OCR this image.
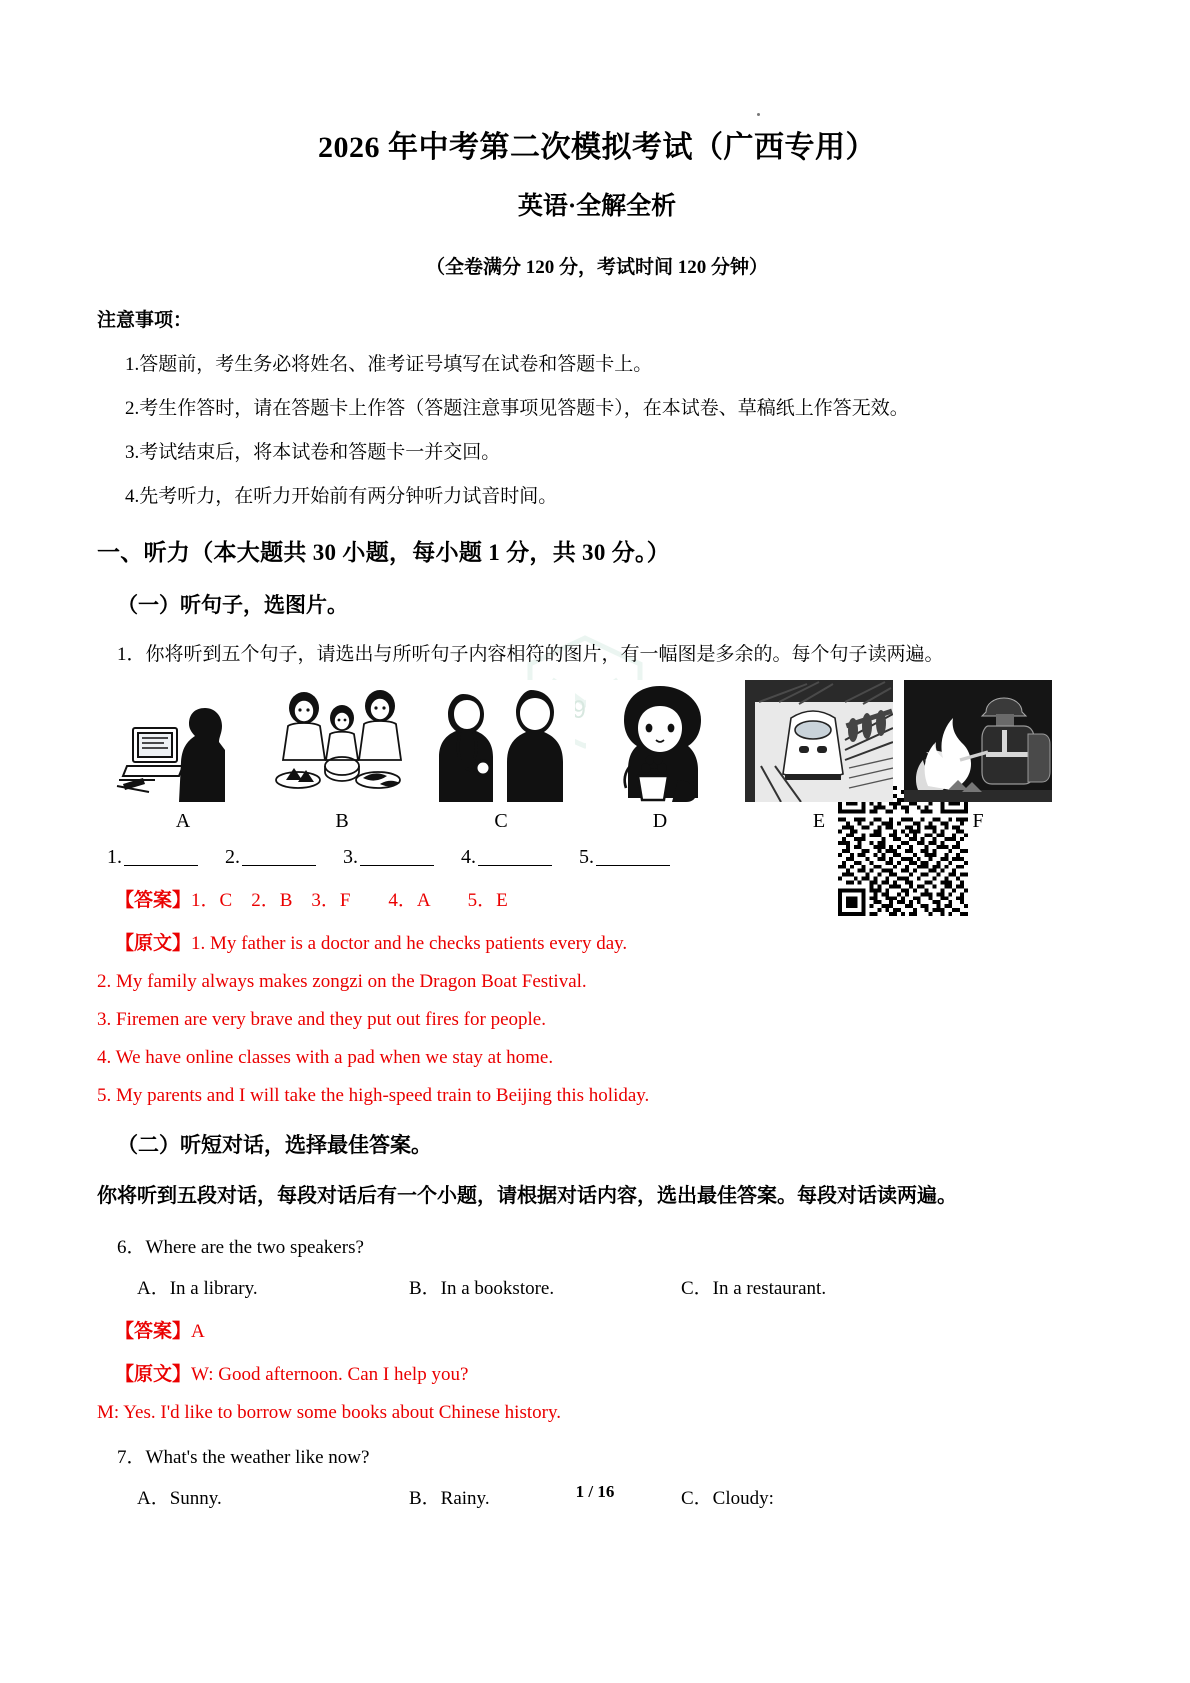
2026 年中考第二次模拟考试（广西专用）
英语·全解全析
（全卷满分 120 分，考试时间 120 分钟）
注意事项：
1.答题前，考生务必将姓名、准考证号填写在试卷和答题卡上。
2.考生作答时，请在答题卡上作答（答题注意事项见答题卡），在本试卷、草稿纸上作答无效。
3.考试结束后，将本试卷和答题卡一并交回。
4.先考听力，在听力开始前有两分钟听力试音时间。
一、听力（本大题共 30 小题，每小题 1 分，共 30 分。）
（一）听句子，选图片。
1．你将听到五个句子，请选出与所听句子内容相符的图片，有一幅图是多余的。每个句子读两遍。
A	B	C	D	E	F
1.	2.	3.	4.	5.
【答案】1．C　2．B　3．F　　4．A　　5．E
【原文】1. My father is a doctor and he checks patients every day.
2. My family always makes zongzi on the Dragon Boat Festival.
3. Firemen are very brave and they put out fires for people.
4. We have online classes with a pad when we stay at home.
5. My parents and I will take the high-speed train to Beijing this holiday.
（二）听短对话，选择最佳答案。
你将听到五段对话，每段对话后有一个小题，请根据对话内容，选出最佳答案。每段对话读两遍。
6．Where are the two speakers?
A．In a library.	B．In a bookstore.	C．In a restaurant.
【答案】A
【原文】W: Good afternoon. Can I help you?
M: Yes. I'd like to borrow some books about Chinese history.
7．What's the weather like now?
A．Sunny.	B．Rainy.	C．Cloudy:
1 / 16
